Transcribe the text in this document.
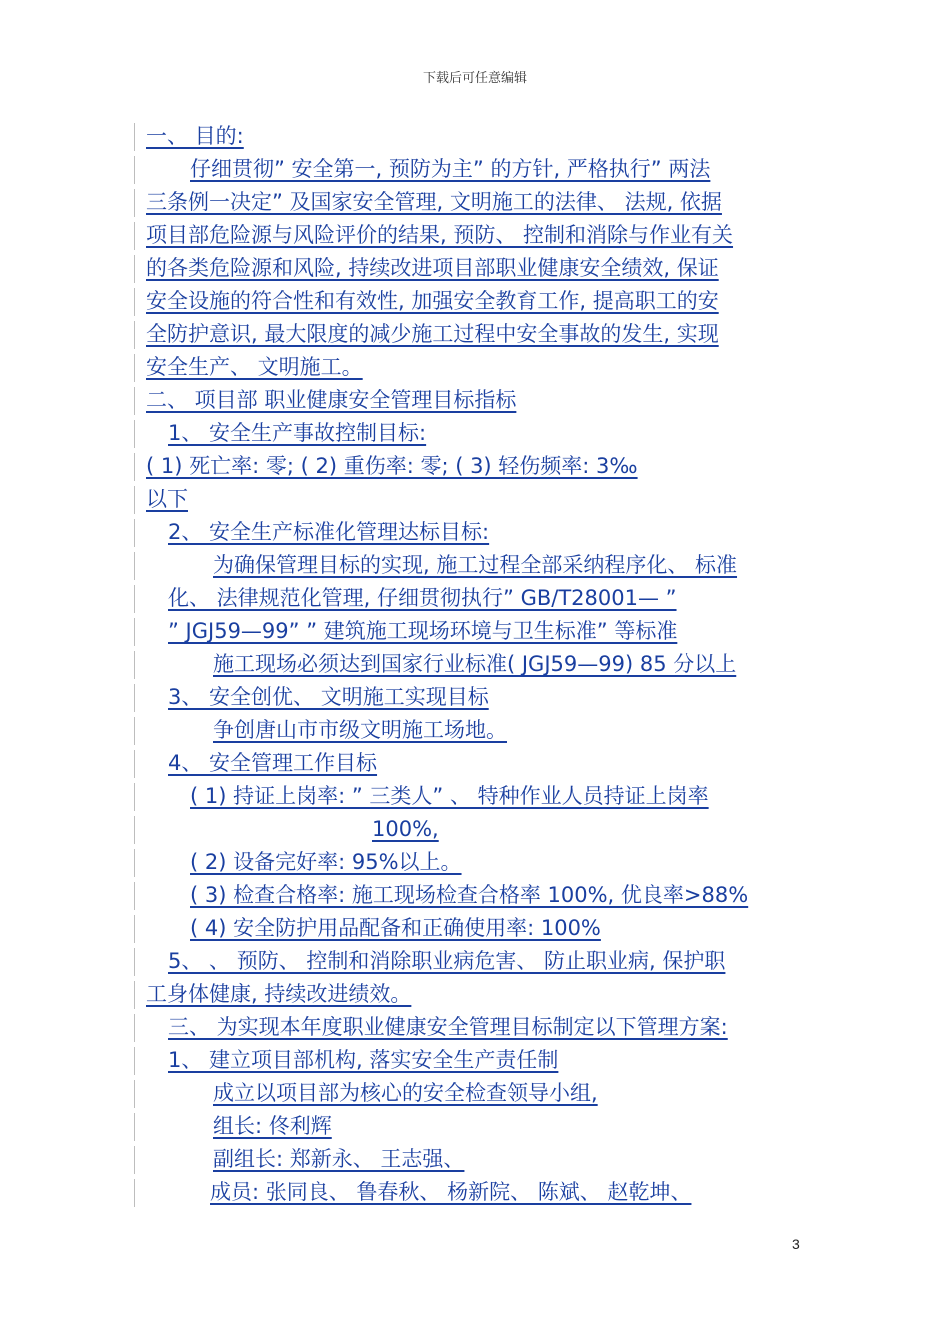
下载后可任意编辑
一、 目的:
仔细贯彻” 安全第一, 预防为主” 的方针, 严格执行” 两法
三条例一决定” 及国家安全管理, 文明施工的法律、 法规, 依据
项目部危险源与风险评价的结果, 预防、 控制和消除与作业有关
的各类危险源和风险, 持续改进项目部职业健康安全绩效, 保证
安全设施的符合性和有效性, 加强安全教育工作, 提高职工的安
全防护意识, 最大限度的减少施工过程中安全事故的发生, 实现
安全生产、 文明施工。
二、 项目部 职业健康安全管理目标指标
1、 安全生产事故控制目标:
( 1) 死亡率: 零; ( 2) 重伤率: 零; ( 3) 轻伤频率: 3‰
以下
2、 安全生产标准化管理达标目标:
为确保管理目标的实现, 施工过程全部采纳程序化、 标准
化、 法律规范化管理, 仔细贯彻执行” GB/T28001— ”
” JGJ59—99” ” 建筑施工现场环境与卫生标准” 等标准
施工现场必须达到国家行业标准( JGJ59—99) 85 分以上
3、 安全创优、 文明施工实现目标
争创唐山市市级文明施工场地。
4、 安全管理工作目标
( 1) 持证上岗率: ” 三类人” 、 特种作业人员持证上岗率
100%,
( 2) 设备完好率: 95%以上。
( 3) 检查合格率: 施工现场检查合格率 100%, 优良率>88%
( 4) 安全防护用品配备和正确使用率: 100%
5、 、 预防、 控制和消除职业病危害、 防止职业病, 保护职
工身体健康, 持续改进绩效。
三、 为实现本年度职业健康安全管理目标制定以下管理方案:
1、 建立项目部机构, 落实安全生产责任制
成立以项目部为核心的安全检查领导小组,
组长: 佟利辉
副组长: 郑新永、 王志强、
成员: 张同良、 鲁春秋、 杨新院、 陈斌、 赵乾坤、
3
